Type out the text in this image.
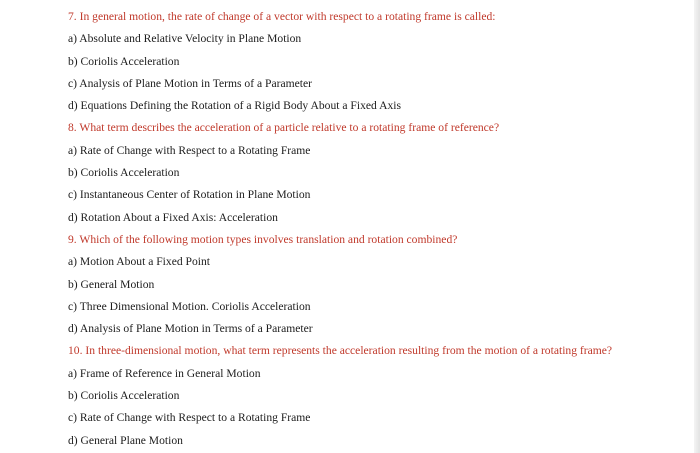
7. In general motion, the rate of change of a vector with respect to a rotating frame is called:
a) Absolute and Relative Velocity in Plane Motion
b) Coriolis Acceleration
c) Analysis of Plane Motion in Terms of a Parameter
d) Equations Defining the Rotation of a Rigid Body About a Fixed Axis
8. What term describes the acceleration of a particle relative to a rotating frame of reference?
a) Rate of Change with Respect to a Rotating Frame
b) Coriolis Acceleration
c) Instantaneous Center of Rotation in Plane Motion
d) Rotation About a Fixed Axis: Acceleration
9. Which of the following motion types involves translation and rotation combined?
a) Motion About a Fixed Point
b) General Motion
c) Three Dimensional Motion. Coriolis Acceleration
d) Analysis of Plane Motion in Terms of a Parameter
10. In three-dimensional motion, what term represents the acceleration resulting from the motion of a rotating frame?
a) Frame of Reference in General Motion
b) Coriolis Acceleration
c) Rate of Change with Respect to a Rotating Frame
d) General Plane Motion
